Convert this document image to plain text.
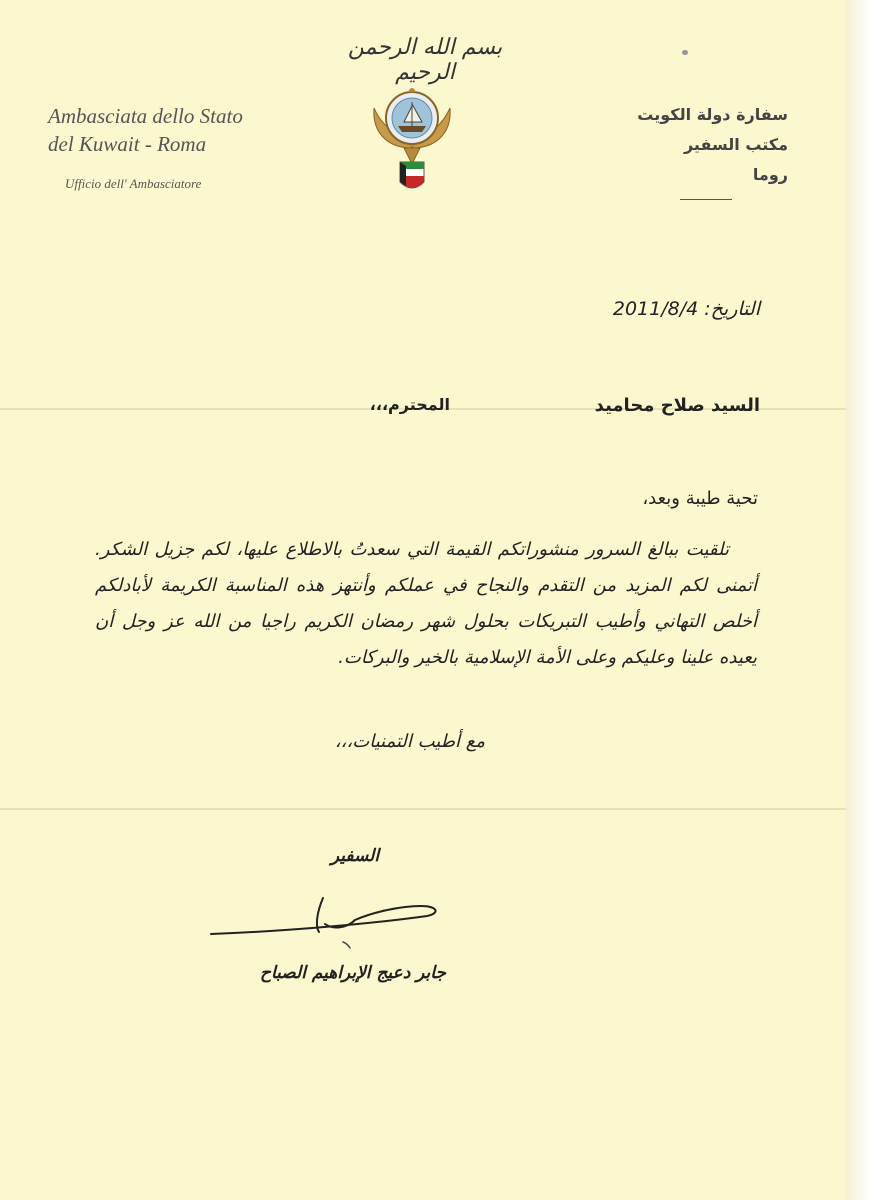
بسم الله الرحمن الرحيم
Ambasciata dello Stato
del Kuwait - Roma
Ufficio dell' Ambasciatore
سفارة دولة الكويت
مكتب السفير
روما
التاريخ: 2011/8/4
السيد صلاح محاميد
المحترم،،،
تحية طيبة وبعد،
تلقيت ببالغ السرور منشوراتكم القيمة التي سعدتُ بالاطلاع عليها، لكم جزيل الشكر. أتمنى لكم المزيد من التقدم والنجاح في عملكم وأنتهز هذه المناسبة الكريمة لأبادلكم أخلص التهاني وأطيب التبريكات بحلول شهر رمضان الكريم راجيا من الله عز وجل أن يعيده علينا وعليكم وعلى الأمة الإسلامية بالخير والبركات.
مع أطيب التمنيات،،،
السفير
جابر دعيج الإبراهيم الصباح
